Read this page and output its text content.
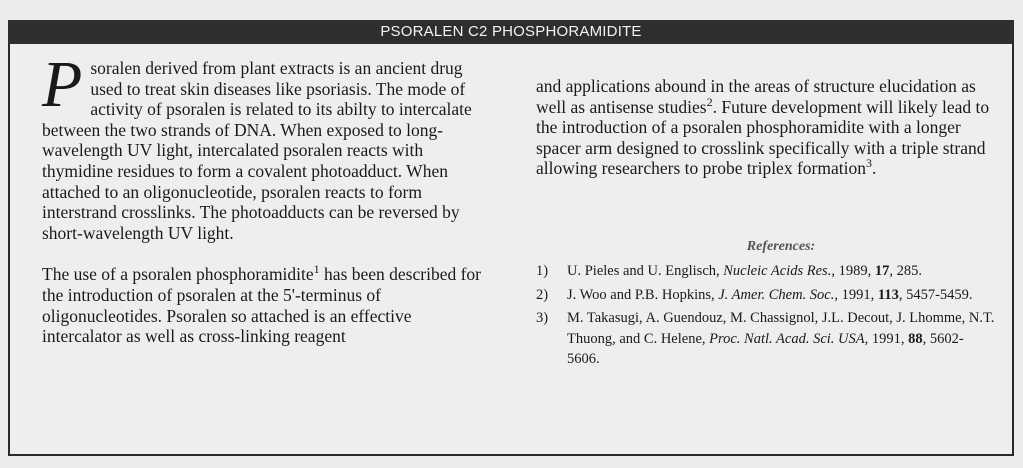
PSORALEN C2 PHOSPHORAMIDITE

Psoralen derived from plant extracts is an ancient drug used to treat skin diseases like psoriasis. The mode of activity of psoralen is related to its abilty to intercalate between the two strands of DNA. When exposed to long-wavelength UV light, intercalated psoralen reacts with thymidine residues to form a covalent photoadduct. When attached to an oligonucleotide, psoralen reacts to form interstrand crosslinks. The photoadducts can be reversed by short-wavelength UV light.

The use of a psoralen phosphoramidite$^1$ has been described for the introduction of psoralen at the 5'-terminus of oligonucleotides. Psoralen so attached is an effective intercalator as well as cross-linking reagent

and applications abound in the areas of structure elucidation as well as antisense studies$^2$. Future development will likely lead to the introduction of a psoralen phosphoramidite with a longer spacer arm designed to crosslink specifically with a triple strand allowing researchers to probe triplex formation$^3$.

References:
1)	U. Pieles and U. Englisch, Nucleic Acids Res., 1989, 17, 285.
2)	J. Woo and P.B. Hopkins, J. Amer. Chem. Soc., 1991, 113, 5457-5459.
3)	M. Takasugi, A. Guendouz, M. Chassignol, J.L. Decout, J. Lhomme, N.T. Thuong, and C. Helene, Proc. Natl. Acad. Sci. USA, 1991, 88, 5602-5606.
